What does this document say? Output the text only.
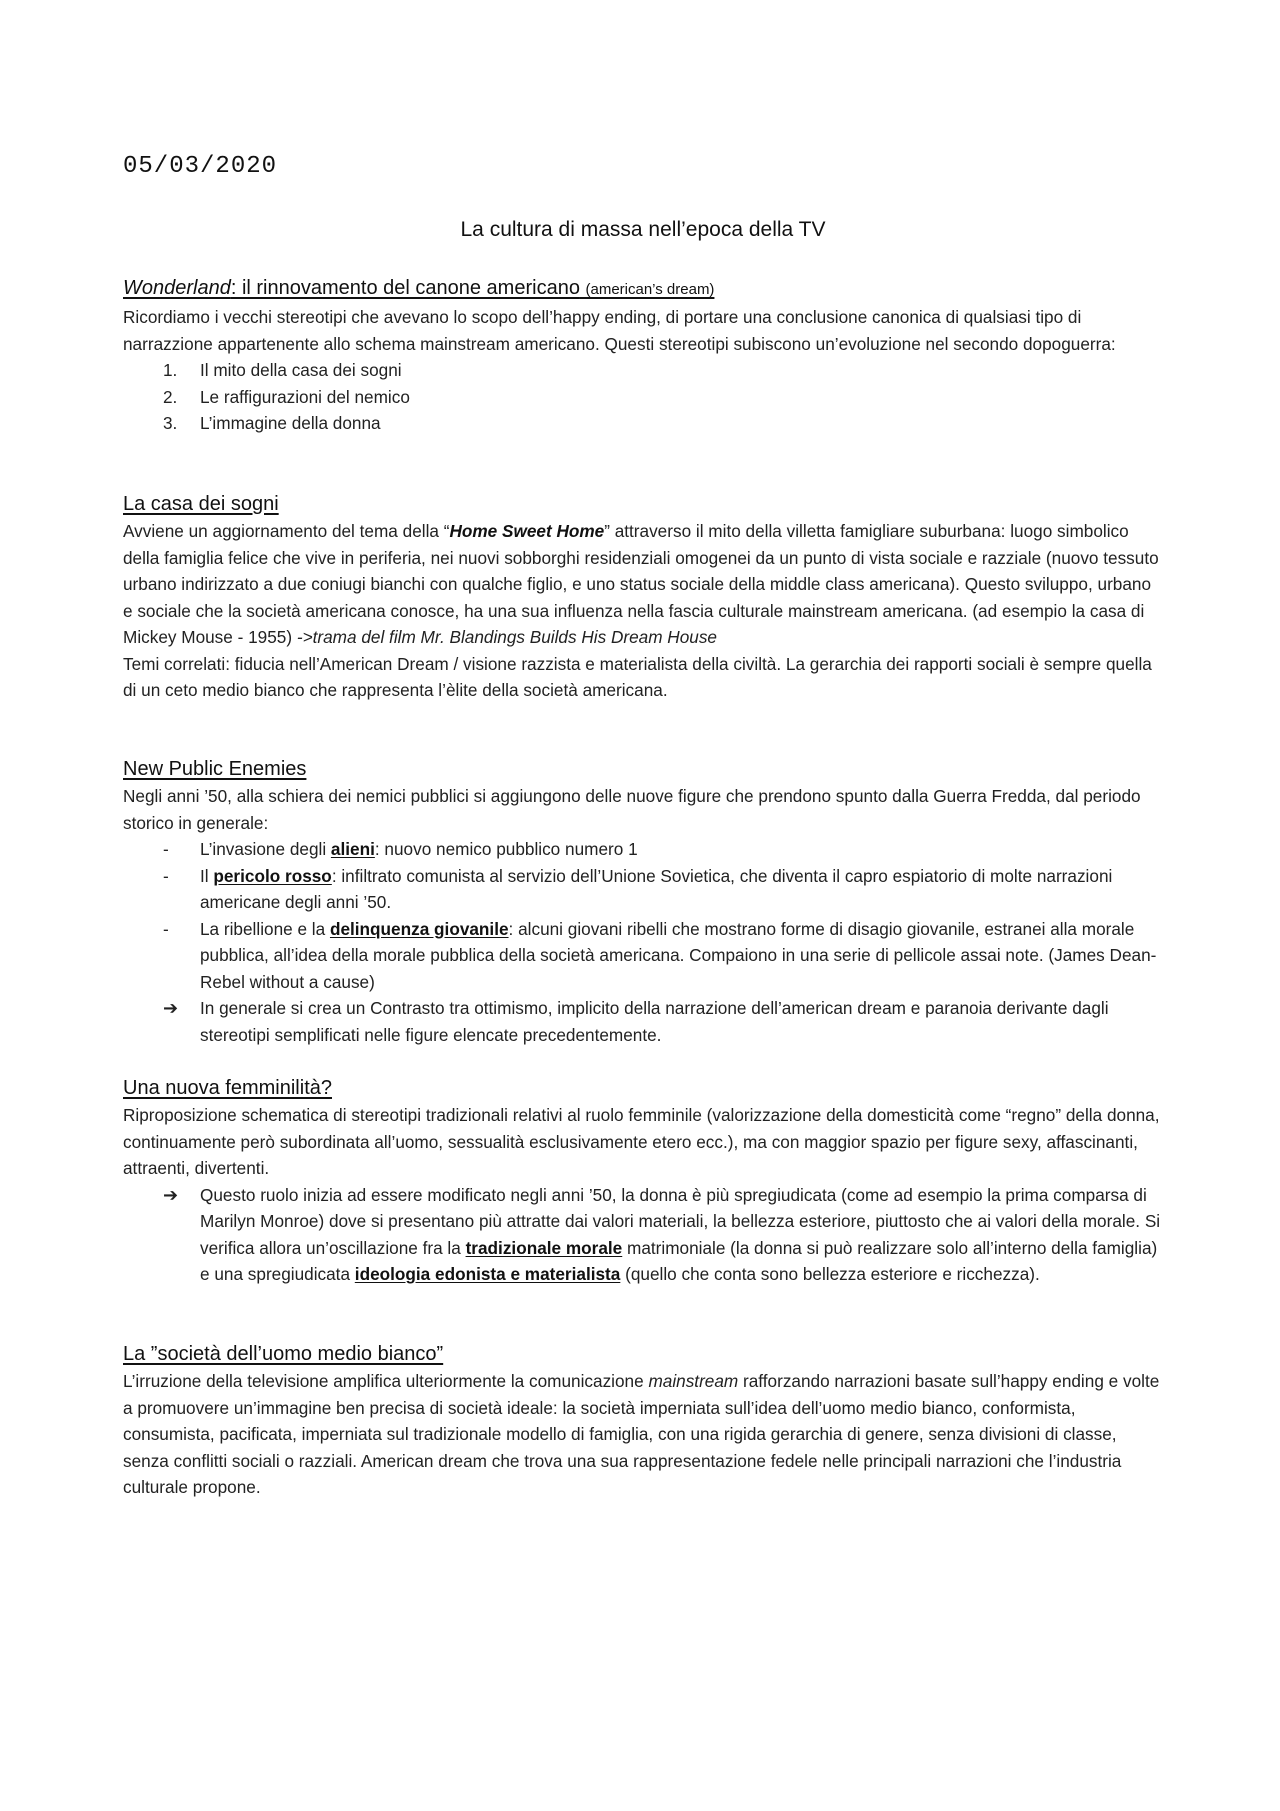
05/03/2020
La cultura di massa nell’epoca della TV
Wonderland: il rinnovamento del canone americano (american’s dream)

Ricordiamo i vecchi stereotipi che avevano lo scopo dell’happy ending, di portare una conclusione canonica di qualsiasi tipo di narrazzione appartenente allo schema mainstream americano. Questi stereotipi subiscono un’evoluzione nel secondo dopoguerra:

1.	Il mito della casa dei sogni
2.	Le raffigurazioni del nemico
3.	L’immagine della donna
La casa dei sogni

Avviene un aggiornamento del tema della “Home Sweet Home” attraverso il mito della villetta famigliare suburbana: luogo simbolico della famiglia felice che vive in periferia, nei nuovi sobborghi residenziali omogenei da un punto di vista sociale e razziale (nuovo tessuto urbano indirizzato a due coniugi bianchi con qualche figlio, e uno status sociale della middle class americana). Questo sviluppo, urbano e sociale che la società americana conosce, ha una sua influenza nella fascia culturale mainstream americana. (ad esempio la casa di Mickey Mouse - 1955) ->trama del film Mr. Blandings Builds His Dream House

Temi correlati: fiducia nell’American Dream / visione razzista e materialista della civiltà. La gerarchia dei rapporti sociali è sempre quella di un ceto medio bianco che rappresenta l’èlite della società americana.

New Public Enemies

Negli anni ’50, alla schiera dei nemici pubblici si aggiungono delle nuove figure che prendono spunto dalla Guerra Fredda, dal periodo storico in generale:

-	L’invasione degli alieni: nuovo nemico pubblico numero 1
-	Il pericolo rosso: infiltrato comunista al servizio dell’Unione Sovietica, che diventa il capro espiatorio di molte narrazioni americane degli anni ’50.
-	La ribellione e la delinquenza giovanile: alcuni giovani ribelli che mostrano forme di disagio giovanile, estranei alla morale pubblica, all’idea della morale pubblica della società americana. Compaiono in una serie di pellicole assai note. (James Dean- Rebel without a cause)
➔	In generale si crea un Contrasto tra ottimismo, implicito della narrazione dell’american dream e paranoia derivante dagli stereotipi semplificati nelle figure elencate precedentemente.
Una nuova femminilità?

Riproposizione schematica di stereotipi tradizionali relativi al ruolo femminile (valorizzazione della domesticità come “regno” della donna, continuamente però subordinata all’uomo, sessualità esclusivamente etero ecc.), ma con maggior spazio per figure sexy, affascinanti, attraenti, divertenti.

➔	Questo ruolo inizia ad essere modificato negli anni ’50, la donna è più spregiudicata (come ad esempio la prima comparsa di Marilyn Monroe) dove si presentano più attratte dai valori materiali, la bellezza esteriore, piuttosto che ai valori della morale. Si verifica allora un’oscillazione fra la tradizionale morale matrimoniale (la donna si può realizzare solo all’interno della famiglia) e una spregiudicata ideologia edonista e materialista (quello che conta sono bellezza esteriore e ricchezza).
La ”società dell’uomo medio bianco”

L’irruzione della televisione amplifica ulteriormente la comunicazione mainstream rafforzando narrazioni basate sull’happy ending e volte a promuovere un’immagine ben precisa di società ideale: la società imperniata sull’idea dell’uomo medio bianco, conformista, consumista, pacificata, imperniata sul tradizionale modello di famiglia, con una rigida gerarchia di genere, senza divisioni di classe, senza conflitti sociali o razziali. American dream che trova una sua rappresentazione fedele nelle principali narrazioni che l’industria culturale propone.
